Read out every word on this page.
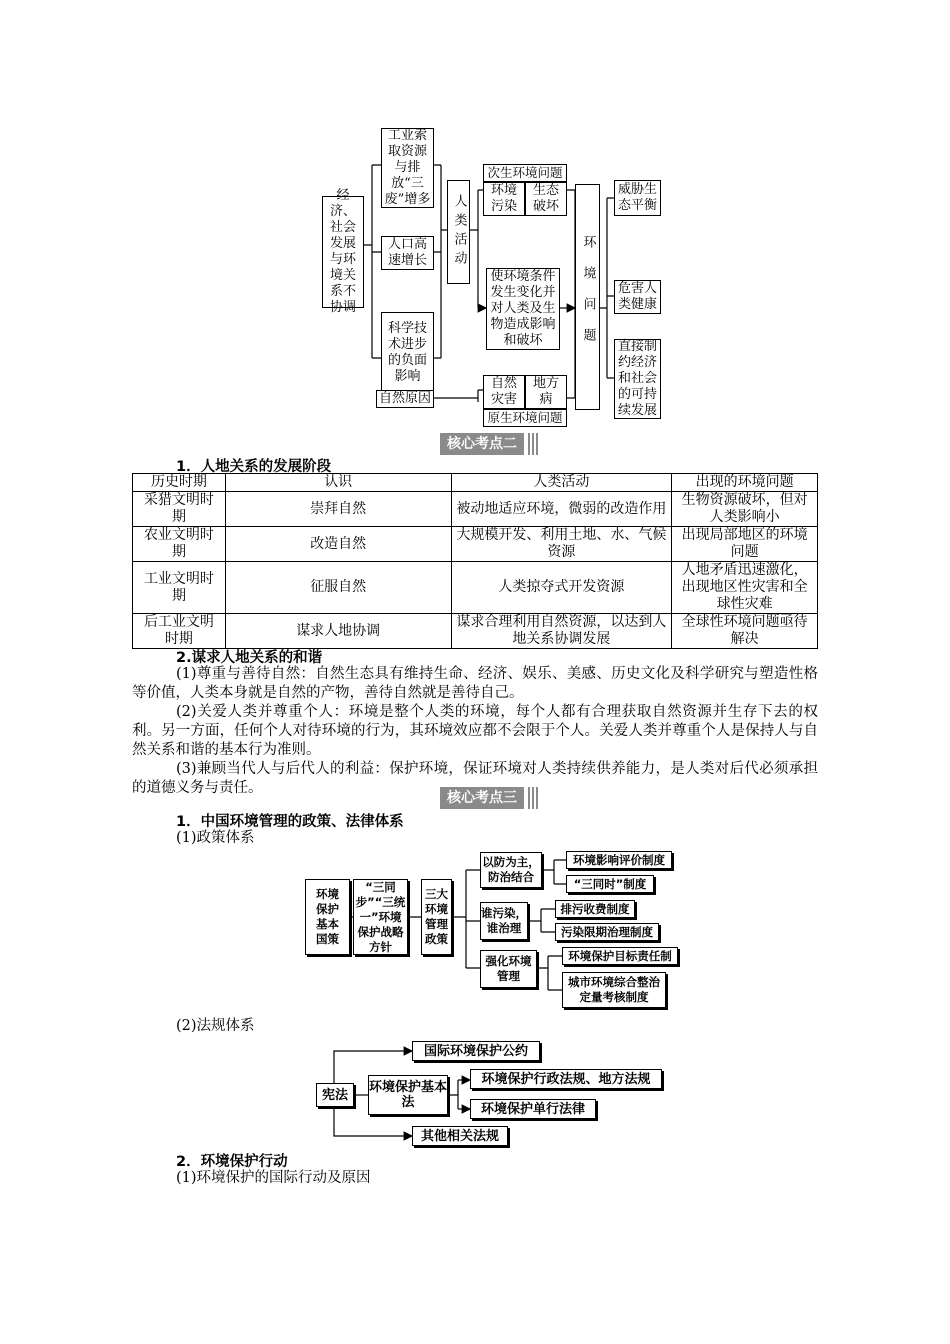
经济、社会发展与环境关系不协调
工业索取资源与排放“三废”增多
人口高速增长
科学技术进步的负面影响
自然原因
人类活动
次生环境问题
环境污染
生态破坏
使环境条件发生变化并对人类及生物造成影响和破坏
自然灾害
地方病
原生环境问题
环境问题
威胁生态平衡
危害人类健康
直接制约经济和社会的可持续发展
核心考点二
1．人地关系的发展阶段
历史时期	认识	人类活动	出现的环境问题
采猎文明时期	崇拜自然	被动地适应环境，微弱的改造作用	生物资源破坏，但对人类影响小
农业文明时期	改造自然	大规模开发、利用土地、水、气候资源	出现局部地区的环境问题
工业文明时期	征服自然	人类掠夺式开发资源	人地矛盾迅速激化，出现地区性灾害和全球性灾难
后工业文明时期	谋求人地协调	谋求合理利用自然资源，以达到人地关系协调发展	全球性环境问题亟待解决
2.谋求人地关系的和谐
(1)尊重与善待自然：自然生态具有维持生命、经济、娱乐、美感、历史文化及科学研究与塑造性格等价值，人类本身就是自然的产物，善待自然就是善待自己。
(2)关爱人类并尊重个人：环境是整个人类的环境，每个人都有合理获取自然资源并生存下去的权利。另一方面，任何个人对待环境的行为，其环境效应都不会限于个人。关爱人类并尊重个人是保持人与自然关系和谐的基本行为准则。
(3)兼顾当代人与后代人的利益：保护环境，保证环境对人类持续供养能力，是人类对后代必须承担的道德义务与责任。
核心考点三
1．中国环境管理的政策、法律体系
(1)政策体系
环境保护基本国策
“三同步”“三统一”环境保护战略方针
三大环境管理政策
以防为主，防治结合
环境影响评价制度
“三同时”制度
谁污染，谁治理
排污收费制度
污染限期治理制度
强化环境管理
环境保护目标责任制
城市环境综合整治定量考核制度
(2)法规体系
宪法	环境保护基本法
国际环境保护公约
环境保护行政法规、地方法规
环境保护单行法律
其他相关法规
2．环境保护行动
(1)环境保护的国际行动及原因
